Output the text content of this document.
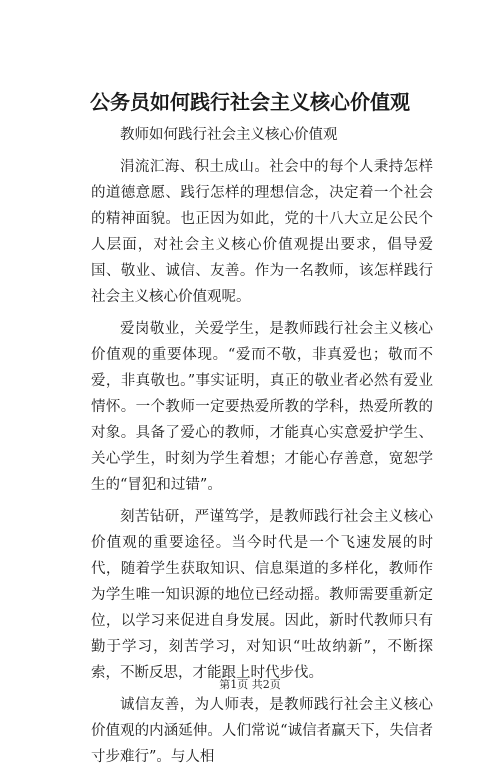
公务员如何践行社会主义核心价值观

教师如何践行社会主义核心价值观

涓流汇海、积土成山。社会中的每个人秉持怎样的道德意愿、践行怎样的理想信念，决定着一个社会的精神面貌。也正因为如此，党的十八大立足公民个人层面，对社会主义核心价值观提出要求，倡导爱国、敬业、诚信、友善。作为一名教师，该怎样践行社会主义核心价值观呢。

爱岗敬业，关爱学生，是教师践行社会主义核心价值观的重要体现。“爱而不敬，非真爱也；敬而不爱，非真敬也。”事实证明，真正的敬业者必然有爱业情怀。一个教师一定要热爱所教的学科，热爱所教的对象。具备了爱心的教师，才能真心实意爱护学生、关心学生，时刻为学生着想；才能心存善意，宽恕学生的“冒犯和过错”。

刻苦钻研，严谨笃学，是教师践行社会主义核心价值观的重要途径。当今时代是一个飞速发展的时代，随着学生获取知识、信息渠道的多样化，教师作为学生唯一知识源的地位已经动摇。教师需要重新定位，以学习来促进自身发展。因此，新时代教师只有勤于学习，刻苦学习，对知识“吐故纳新”，不断探索，不断反思，才能跟上时代步伐。

诚信友善，为人师表，是教师践行社会主义核心价值观的内涵延伸。人们常说“诚信者赢天下，失信者寸步难行”。与人相

第1页 共2页
